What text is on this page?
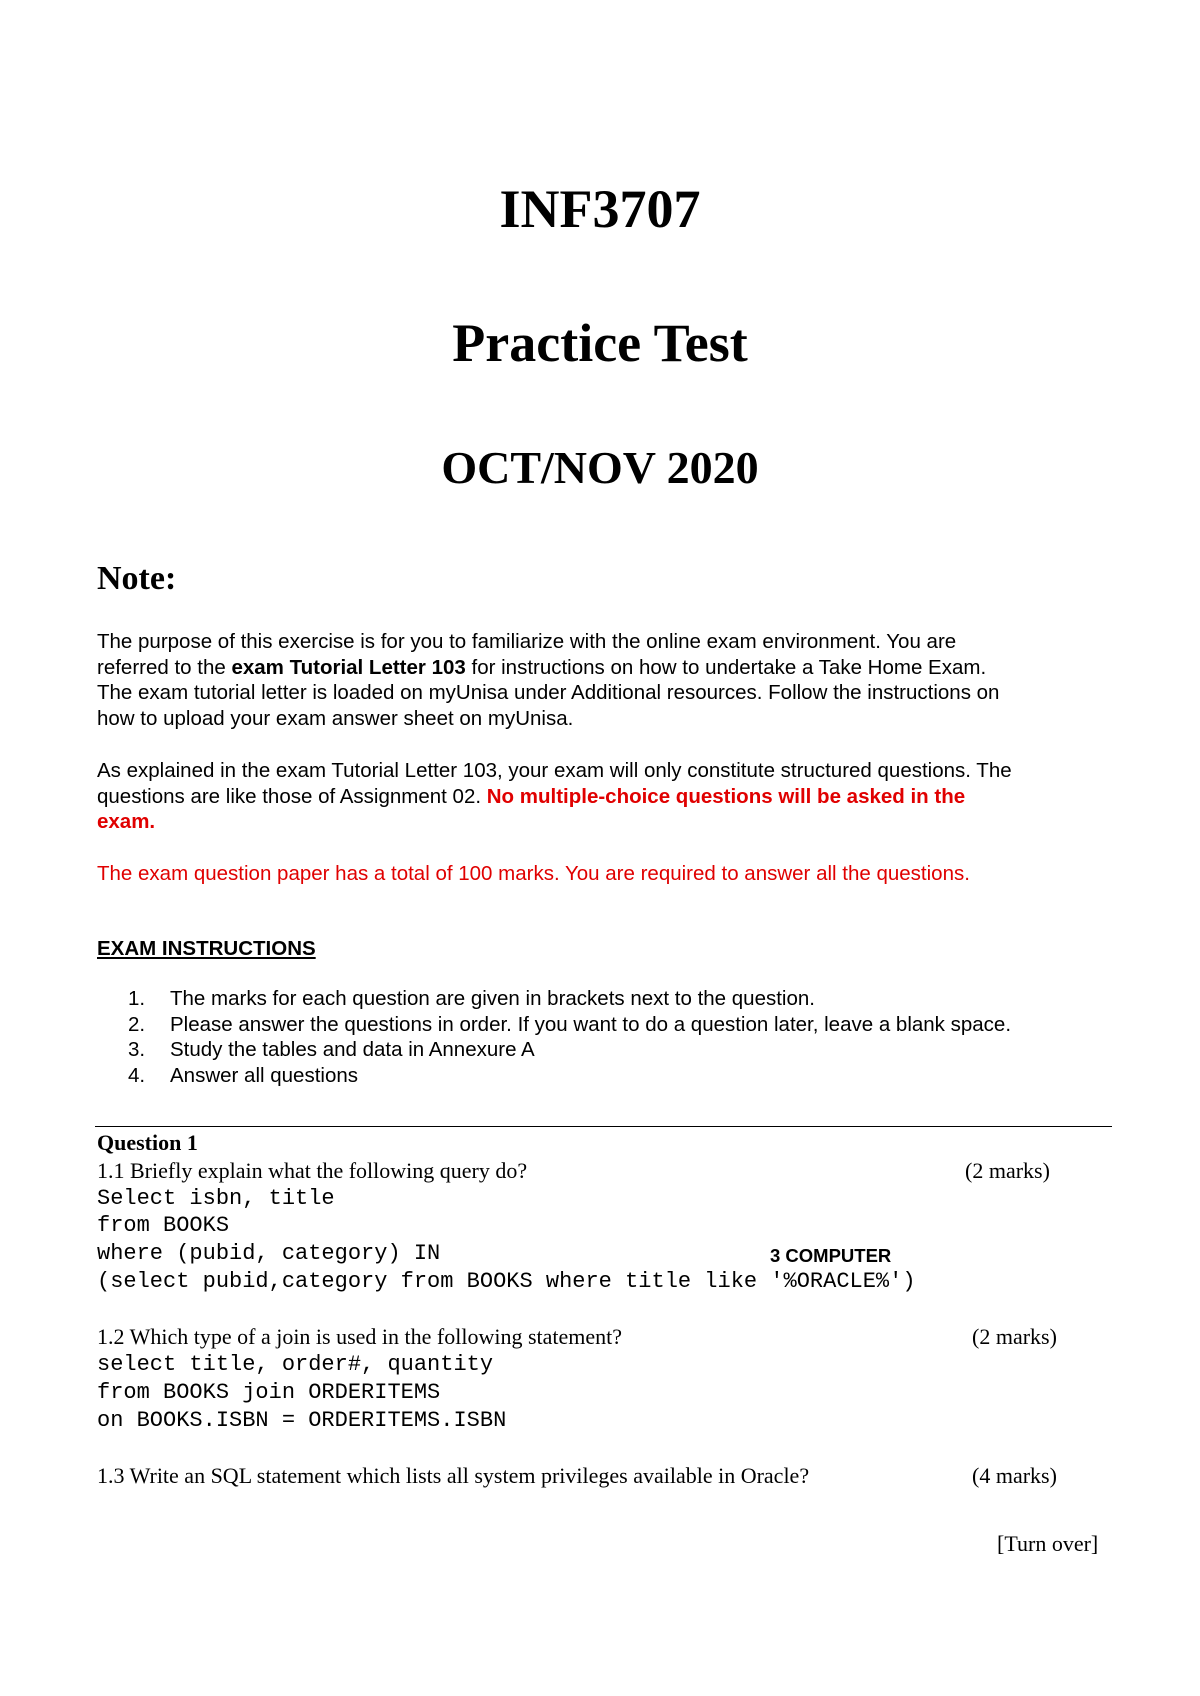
INF3707
Practice Test
OCT/NOV 2020
Note:
The purpose of this exercise is for you to familiarize with the online exam environment. You are
referred to the exam Tutorial Letter 103 for instructions on how to undertake a Take Home Exam.
The exam tutorial letter is loaded on myUnisa under Additional resources. Follow the instructions on
how to upload your exam answer sheet on myUnisa.
As explained in the exam Tutorial Letter 103, your exam will only constitute structured questions. The
questions are like those of Assignment 02. No multiple-choice questions will be asked in the
exam.
The exam question paper has a total of 100 marks. You are required to answer all the questions.
EXAM INSTRUCTIONS
1. The marks for each question are given in brackets next to the question.
2. Please answer the questions in order. If you want to do a question later, leave a blank space.
3. Study the tables and data in Annexure A
4. Answer all questions
Question 1
1.1 Briefly explain what the following query do?	(2 marks)
Select isbn, title
from BOOKS
where (pubid, category) IN
(select pubid,category from BOOKS where title like '%ORACLE%')
3 COMPUTER
1.2 Which type of a join is used in the following statement?	(2 marks)
select title, order#, quantity
from BOOKS join ORDERITEMS
on BOOKS.ISBN = ORDERITEMS.ISBN
1.3 Write an SQL statement which lists all system privileges available in Oracle?	(4 marks)
[Turn over]
